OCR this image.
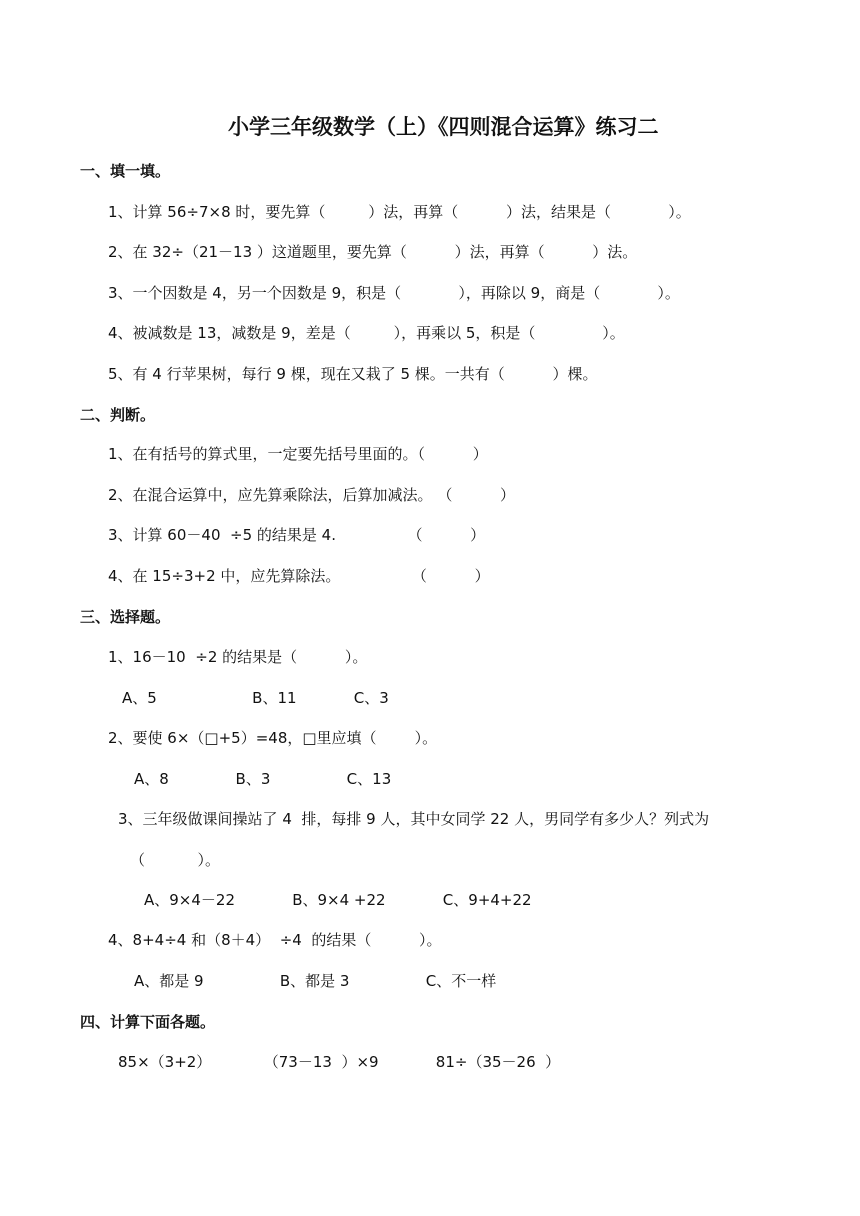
小学三年级数学（上）《四则混合运算》练习二
一、填一填。
1、计算 56÷7×8 时，要先算（         ）法，再算（          ）法，结果是（            ）。
2、在 32÷（21－13 ）这道题里，要先算（          ）法，再算（          ）法。
3、一个因数是 4，另一个因数是 9，积是（            ），再除以 9，商是（            ）。
4、被减数是 13，减数是 9，差是（         ），再乘以 5，积是（              ）。
5、有 4 行苹果树，每行 9 棵，现在又栽了 5 棵。一共有（          ）棵。
二、判断。
1、在有括号的算式里，一定要先括号里面的。（          ）
2、在混合运算中，应先算乘除法，后算加减法。 （          ）
3、计算 60－40  ÷5 的结果是 4.               （          ）
4、在 15÷3+2 中，应先算除法。               （          ）
三、选择题。
1、16－10  ÷2 的结果是（          ）。
A、5                    B、11            C、3
2、要使 6×（□+5）=48，□里应填（        ）。
A、8              B、3                C、13
3、三年级做课间操站了 4  排，每排 9 人，其中女同学 22 人，男同学有多少人？列式为
（           ）。
A、9×4－22            B、9×4 +22            C、9+4+22
4、8+4÷4 和（8＋4）  ÷4  的结果（          ）。
A、都是 9                B、都是 3                C、不一样
四、计算下面各题。
85×（3+2）           （73－13  ）×9            81÷（35－26  ）
